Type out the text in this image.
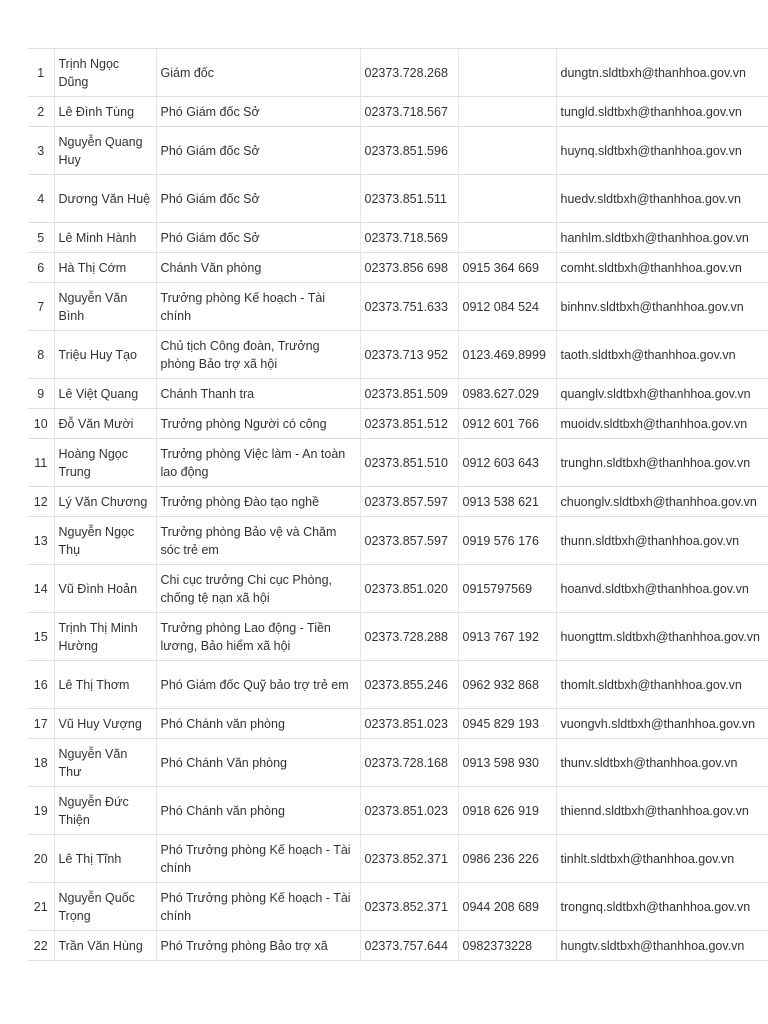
1	Trịnh Ngọc Dũng	Giám đốc	02373.728.268		dungtn.sldtbxh@thanhhoa.gov.vn
2	Lê Đình Tùng	Phó Giám đốc Sở	02373.718.567		tungld.sldtbxh@thanhhoa.gov.vn
3	Nguyễn Quang Huy	Phó Giám đốc Sở	02373.851.596		huynq.sldtbxh@thanhhoa.gov.vn
4	Dương Văn Huệ	Phó Giám đốc Sở	02373.851.511		huedv.sldtbxh@thanhhoa.gov.vn
5	Lê Minh Hành	Phó Giám đốc Sở	02373.718.569		hanhlm.sldtbxh@thanhhoa.gov.vn
6	Hà Thị Cớm	Chánh Văn phòng	02373.856 698	0915 364 669	comht.sldtbxh@thanhhoa.gov.vn
7	Nguyễn Văn Bình	Trưởng phòng Kế hoạch - Tài chính	02373.751.633	0912 084 524	binhnv.sldtbxh@thanhhoa.gov.vn
8	Triệu Huy Tạo	Chủ tịch Công đoàn, Trưởng phòng Bảo trợ xã hội	02373.713 952	0123.469.8999	taoth.sldtbxh@thanhhoa.gov.vn
9	Lê Việt Quang	Chánh Thanh tra	02373.851.509	0983.627.029	quanglv.sldtbxh@thanhhoa.gov.vn
10	Đỗ Văn Mười	Trưởng phòng Người có công	02373.851.512	0912 601 766	muoidv.sldtbxh@thanhhoa.gov.vn
11	Hoàng Ngọc Trung	Trưởng phòng Việc làm - An toàn lao động	02373.851.510	0912 603 643	trunghn.sldtbxh@thanhhoa.gov.vn
12	Lý Văn Chương	Trưởng phòng Đào tạo nghề	02373.857.597	0913 538 621	chuonglv.sldtbxh@thanhhoa.gov.vn
13	Nguyễn Ngọc Thụ	Trưởng phòng Bảo vệ và Chăm sóc trẻ em	02373.857.597	0919 576 176	thunn.sldtbxh@thanhhoa.gov.vn
14	Vũ Đình Hoản	Chi cục trưởng Chi cục Phòng, chống tệ nạn xã hội	02373.851.020	0915797569	hoanvd.sldtbxh@thanhhoa.gov.vn
15	Trịnh Thị Minh Hường	Trưởng phòng Lao động - Tiền lương, Bảo hiểm xã hội	02373.728.288	0913 767 192	huongttm.sldtbxh@thanhhoa.gov.vn
16	Lê Thị Thơm	Phó Giám đốc Quỹ bảo trợ trẻ em	02373.855.246	0962 932 868	thomlt.sldtbxh@thanhhoa.gov.vn
17	Vũ Huy Vượng	Phó Chánh văn phòng	02373.851.023	0945 829 193	vuongvh.sldtbxh@thanhhoa.gov.vn
18	Nguyễn Văn Thư	Phó Chánh Văn phòng	02373.728.168	0913 598 930	thunv.sldtbxh@thanhhoa.gov.vn
19	Nguyễn Đức Thiện	Phó Chánh văn phòng	02373.851.023	0918 626 919	thiennd.sldtbxh@thanhhoa.gov.vn
20	Lê Thị Tĩnh	Phó Trưởng phòng Kế hoạch - Tài chính	02373.852.371	0986 236 226	tinhlt.sldtbxh@thanhhoa.gov.vn
21	Nguyễn Quốc Trọng	Phó Trưởng phòng Kế hoạch - Tài chính	02373.852.371	0944 208 689	trongnq.sldtbxh@thanhhoa.gov.vn
22	Trần Văn Hùng	Phó Trưởng phòng Bảo trợ xã	02373.757.644	0982373228	hungtv.sldtbxh@thanhhoa.gov.vn
